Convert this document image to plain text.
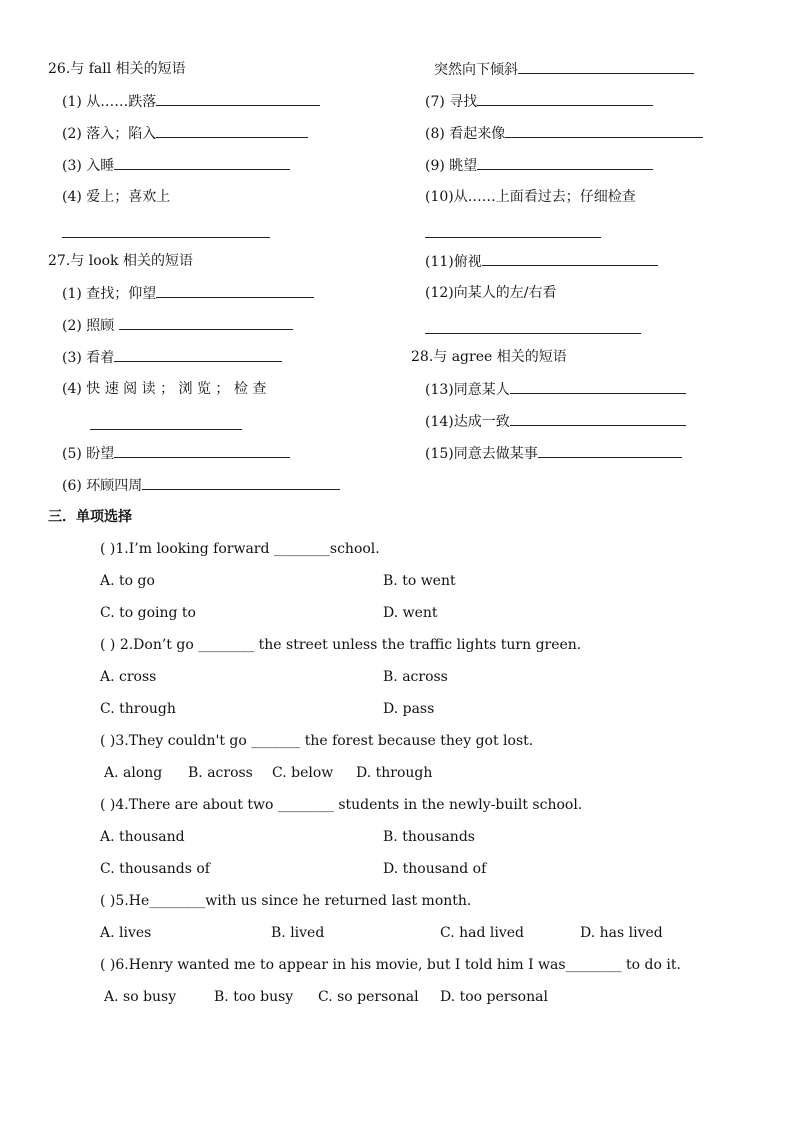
26.与 fall 相关的短语
(1) 从……跌落
(2) 落入；陷入
(3) 入睡
(4) 爱上；喜欢上
27.与 look 相关的短语
(1) 查找；仰望
(2) 照顾
(3) 看着
(4) 快 速 阅 读 ； 浏 览 ； 检 查
(5) 盼望
(6) 环顾四周
突然向下倾斜
(7) 寻找
(8) 看起来像
(9) 眺望
(10)从……上面看过去；仔细检查
(11)俯视
(12)向某人的左/右看
28.与 agree 相关的短语
(13)同意某人
(14)达成一致
(15)同意去做某事
三．单项选择
( )1.I’m looking forward ________school.
A. to go	B. to went
C. to going to	D. went
( ) 2.Don’t go ________ the street unless the traffic lights turn green.
A. cross	B. across
C. through	D. pass
( )3.They couldn't go _______ the forest because they got lost.
A. along B. across C. below D. through
( )4.There are about two ________ students in the newly-built school.
A. thousand	B. thousands
C. thousands of	D. thousand of
( )5.He________with us since he returned last month.
A. lives	B. lived	C. had lived	D. has lived
( )6.Henry wanted me to appear in his movie, but I told him I was________ to do it.
A. so busy	B. too busy C. so personal D. too personal
